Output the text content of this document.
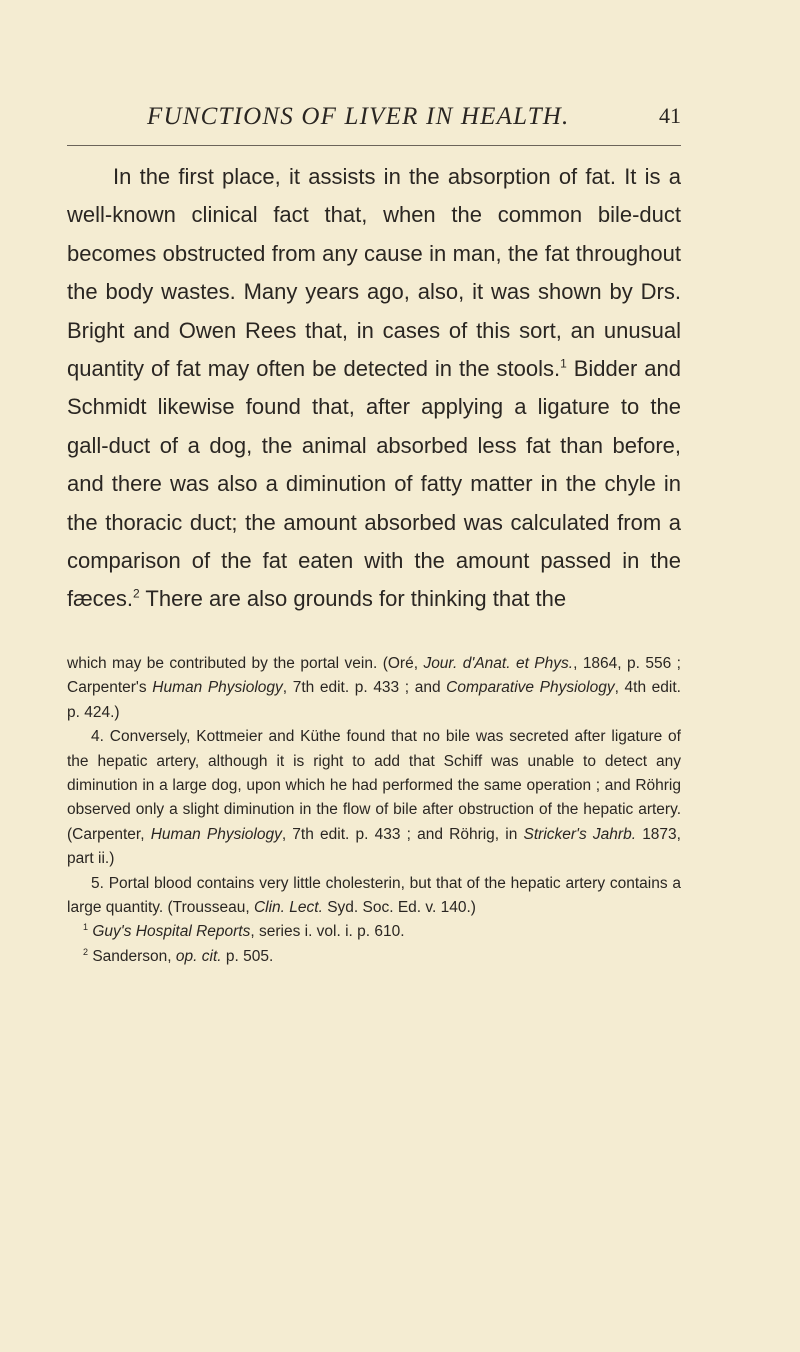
FUNCTIONS OF LIVER IN HEALTH.	41

In the first place, it assists in the absorption of fat. It is a well-known clinical fact that, when the common bile-duct becomes obstructed from any cause in man, the fat throughout the body wastes. Many years ago, also, it was shown by Drs. Bright and Owen Rees that, in cases of this sort, an unusual quantity of fat may often be detected in the stools.$^1$ Bidder and Schmidt likewise found that, after applying a ligature to the gall-duct of a dog, the animal absorbed less fat than before, and there was also a diminution of fatty matter in the chyle in the thoracic duct; the amount absorbed was calculated from a comparison of the fat eaten with the amount passed in the fæces.$^2$ There are also grounds for thinking that the

which may be contributed by the portal vein. (Oré, Jour. d'Anat. et Phys., 1864, p. 556 ; Carpenter's Human Physiology, 7th edit. p. 433 ; and Comparative Physiology, 4th edit. p. 424.)

4. Conversely, Kottmeier and Küthe found that no bile was secreted after ligature of the hepatic artery, although it is right to add that Schiff was unable to detect any diminution in a large dog, upon which he had performed the same operation ; and Röhrig observed only a slight diminution in the flow of bile after obstruction of the hepatic artery. (Carpenter, Human Physiology, 7th edit. p. 433 ; and Röhrig, in Stricker's Jahrb. 1873, part ii.)

5. Portal blood contains very little cholesterin, but that of the hepatic artery contains a large quantity. (Trousseau, Clin. Lect. Syd. Soc. Ed. v. 140.)

$^1$ Guy's Hospital Reports, series i. vol. i. p. 610.

$^2$ Sanderson, op. cit. p. 505.
